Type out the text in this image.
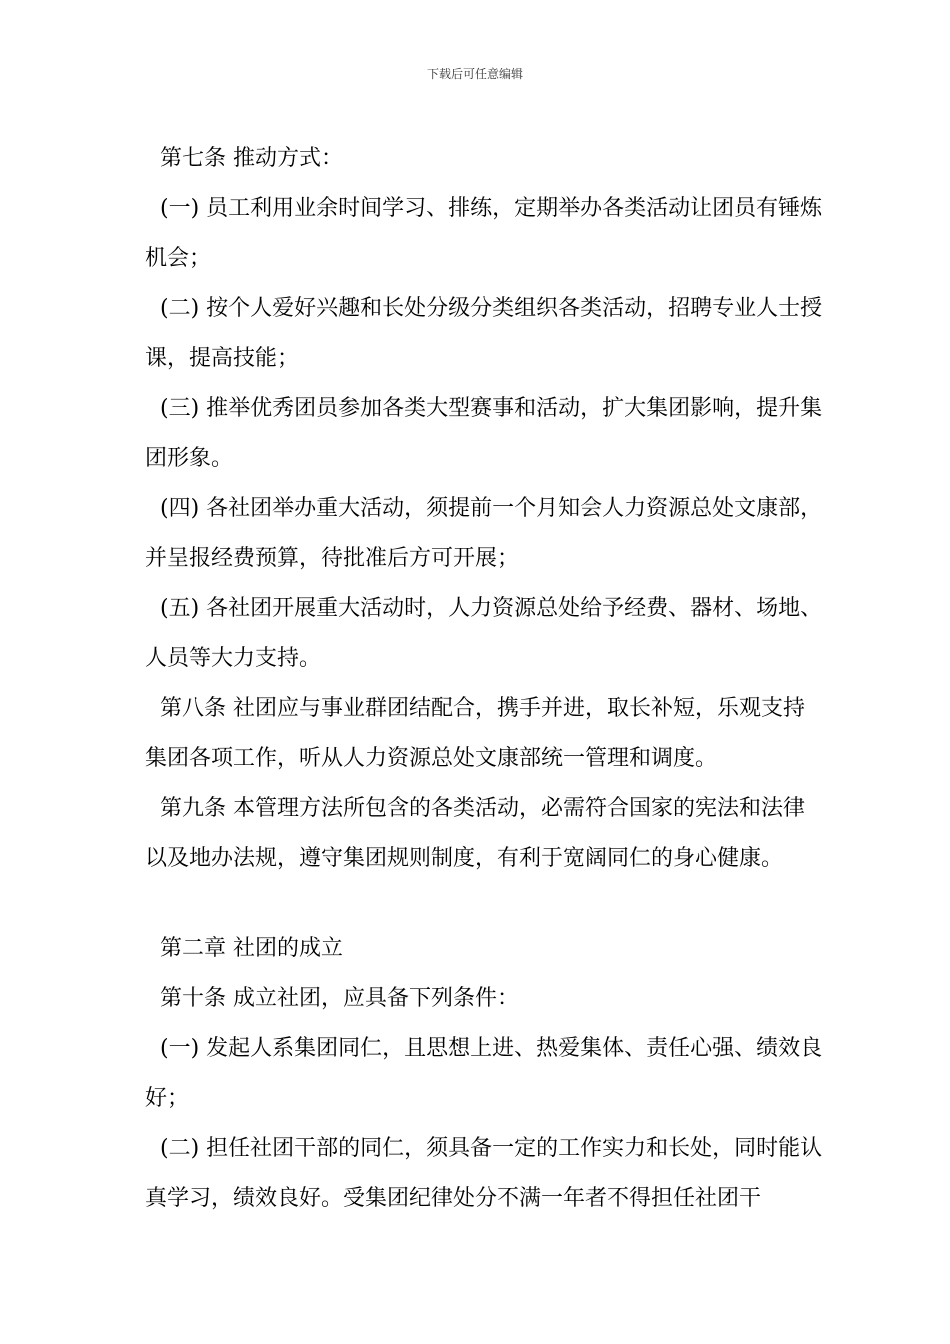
下载后可任意编辑

第七条 推动方式：

(一) 员工利用业余时间学习、排练，定期举办各类活动让团员有锤炼机会；

(二) 按个人爱好兴趣和长处分级分类组织各类活动，招聘专业人士授课，提高技能；

(三) 推举优秀团员参加各类大型赛事和活动，扩大集团影响，提升集团形象。

(四) 各社团举办重大活动，须提前一个月知会人力资源总处文康部，并呈报经费预算，待批准后方可开展；

(五) 各社团开展重大活动时，人力资源总处给予经费、器材、场地、人员等大力支持。

第八条 社团应与事业群团结配合，携手并进，取长补短，乐观支持集团各项工作，听从人力资源总处文康部统一管理和调度。

第九条 本管理方法所包含的各类活动，必需符合国家的宪法和法律以及地办法规，遵守集团规则制度，有利于宽阔同仁的身心健康。

第二章 社团的成立

第十条 成立社团，应具备下列条件：

(一) 发起人系集团同仁，且思想上进、热爱集体、责任心强、绩效良好；

(二) 担任社团干部的同仁，须具备一定的工作实力和长处，同时能认真学习，绩效良好。受集团纪律处分不满一年者不得担任社团干
